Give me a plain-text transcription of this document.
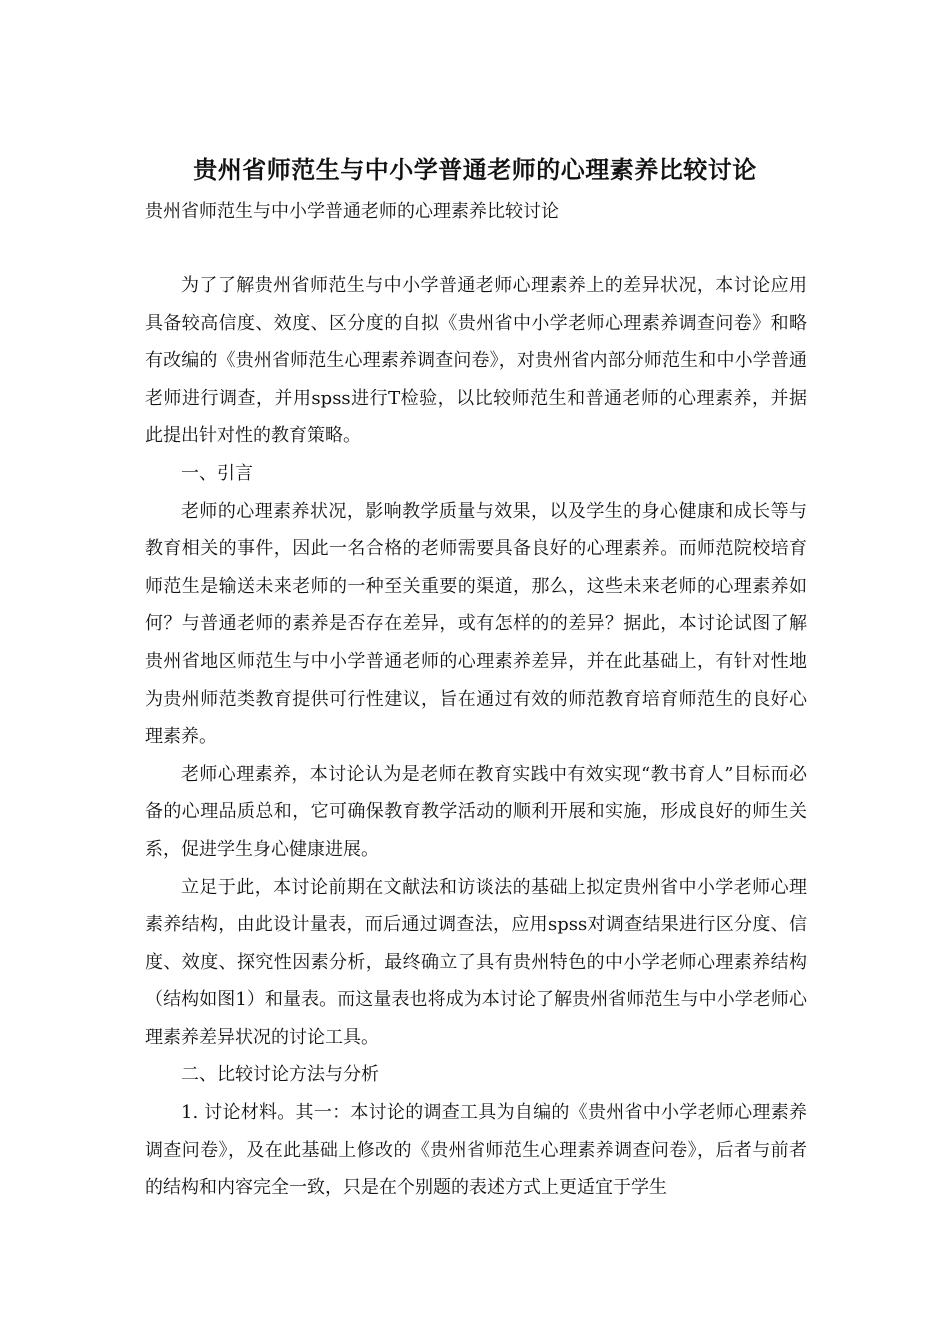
贵州省师范生与中小学普通老师的心理素养比较讨论
贵州省师范生与中小学普通老师的心理素养比较讨论

为了了解贵州省师范生与中小学普通老师心理素养上的差异状况，本讨论应用具备较高信度、效度、区分度的自拟《贵州省中小学老师心理素养调查问卷》和略有改编的《贵州省师范生心理素养调查问卷》，对贵州省内部分师范生和中小学普通老师进行调查，并用spss进行T检验，以比较师范生和普通老师的心理素养，并据此提出针对性的教育策略。

一、引言

老师的心理素养状况，影响教学质量与效果，以及学生的身心健康和成长等与教育相关的事件，因此一名合格的老师需要具备良好的心理素养。而师范院校培育师范生是输送未来老师的一种至关重要的渠道，那么，这些未来老师的心理素养如何？与普通老师的素养是否存在差异，或有怎样的的差异？据此，本讨论试图了解贵州省地区师范生与中小学普通老师的心理素养差异，并在此基础上，有针对性地为贵州师范类教育提供可行性建议，旨在通过有效的师范教育培育师范生的良好心理素养。

老师心理素养，本讨论认为是老师在教育实践中有效实现“教书育人”目标而必备的心理品质总和，它可确保教育教学活动的顺利开展和实施，形成良好的师生关系，促进学生身心健康进展。

立足于此，本讨论前期在文献法和访谈法的基础上拟定贵州省中小学老师心理素养结构，由此设计量表，而后通过调查法，应用spss对调查结果进行区分度、信度、效度、探究性因素分析，最终确立了具有贵州特色的中小学老师心理素养结构（结构如图1）和量表。而这量表也将成为本讨论了解贵州省师范生与中小学老师心理素养差异状况的讨论工具。

二、比较讨论方法与分析

1. 讨论材料。其一：本讨论的调查工具为自编的《贵州省中小学老师心理素养调查问卷》，及在此基础上修改的《贵州省师范生心理素养调查问卷》，后者与前者的结构和内容完全一致，只是在个别题的表述方式上更适宜于学生
